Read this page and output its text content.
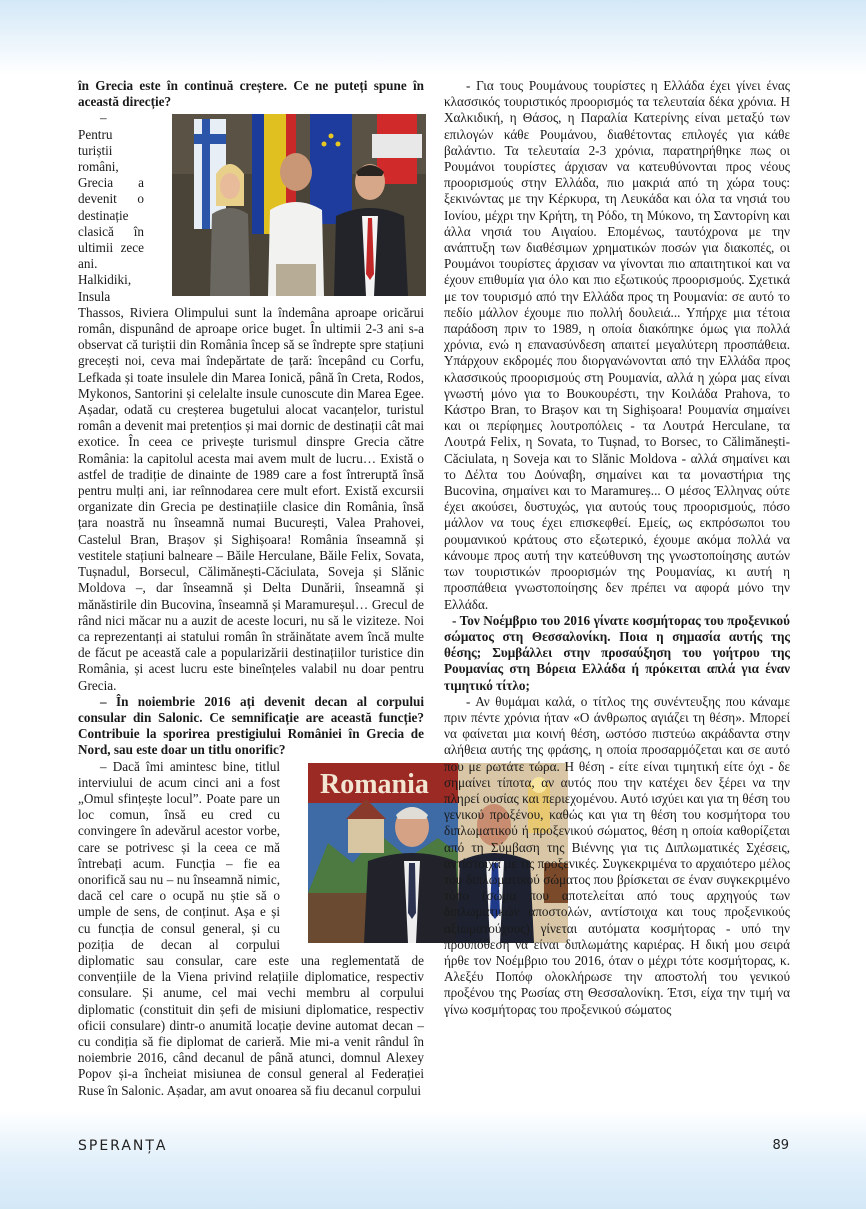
în Grecia este în continuă creștere. Ce ne puteți spune în această direcție?

– Pentru turiștii români, Grecia a devenit o destinație clasică în ultimii zece ani. Halkidiki, Insula Thassos, Riviera Olimpului sunt la îndemâna aproape oricărui român, dispunând de aproape orice buget. În ultimii 2-3 ani s-a observat că turiștii din România încep să se îndrepte spre stațiuni grecești noi, ceva mai îndepărtate de țară: începând cu Corfu, Lefkada și toate insulele din Marea Ionică, până în Creta, Rodos, Mykonos, Santorini și celelalte insule cunoscute din Marea Egee. Așadar, odată cu creșterea bugetului alocat vacanțelor, turistul român a devenit mai pretențios și mai dornic de destinații cât mai exotice. În ceea ce privește turismul dinspre Grecia către România: la capitolul acesta mai avem mult de lucru… Există o astfel de tradiție de dinainte de 1989 care a fost întreruptă însă pentru mulți ani, iar reînnodarea cere mult efort. Există excursii organizate din Grecia pe destinațiile clasice din România, însă țara noastră nu înseamnă numai București, Valea Prahovei, Castelul Bran, Brașov și Sighișoara! România înseamnă și vestitele stațiuni balneare – Băile Herculane, Băile Felix, Sovata, Tușnadul, Borsecul, Călimănești-Căciulata, Soveja și Slănic Moldova –, dar înseamnă și Delta Dunării, înseamnă și mănăstirile din Bucovina, înseamnă și Maramureșul… Grecul de rând nici măcar nu a auzit de aceste locuri, nu să le viziteze. Noi ca reprezentanți ai statului român în străinătate avem încă multe de făcut pe această cale a popularizării destinațiilor turistice din România, și acest lucru este bineînțeles valabil nu doar pentru Grecia.

– În noiembrie 2016 ați devenit decan al corpului consular din Salonic. Ce semnificație are această funcție? Contribuie la sporirea prestigiului României în Grecia de Nord, sau este doar un titlu onorific?

Romania
– Dacă îmi amintesc bine, titlul interviului de acum cinci ani a fost „Omul sfințește locul”. Poate pare un loc comun, însă eu cred cu convingere în adevărul acestor vorbe, care se potrivesc și la ceea ce mă întrebați acum. Funcția – fie ea onorifică sau nu – nu înseamnă nimic, dacă cel care o ocupă nu știe să o umple de sens, de conținut. Așa e și cu funcția de consul general, și cu poziția de decan al corpului diplomatic sau consular, care este una reglementată de convențiile de la Viena privind relațiile diplomatice, respectiv consulare. Și anume, cel mai vechi membru al corpului diplomatic (constituit din șefi de misiuni diplomatice, respectiv oficii consulare) dintr-o anumită locație devine automat decan – cu condiția să fie diplomat de carieră. Mie mi-a venit rândul în noiembrie 2016, când decanul de până atunci, domnul Alexey Popov și-a încheiat misiunea de consul general al Federației Ruse în Salonic. Așadar, am avut onoarea să fiu decanul corpului

- Για τους Ρουμάνους τουρίστες η Ελλάδα έχει γίνει ένας κλασσικός τουριστικός προορισμός τα τελευταία δέκα χρόνια. Η Χαλκιδική, η Θάσος, η Παραλία Κατερίνης είναι μεταξύ των επιλογών κάθε Ρουμάνου, διαθέτοντας επιλογές για κάθε βαλάντιο. Τα τελευταία 2-3 χρόνια, παρατηρήθηκε πως οι Ρουμάνοι τουρίστες άρχισαν να κατευθύνονται προς νέους προορισμούς στην Ελλάδα, πιο μακριά από τη χώρα τους: ξεκινώντας με την Κέρκυρα, τη Λευκάδα και όλα τα νησιά του Ιονίου, μέχρι την Κρήτη, τη Ρόδο, τη Μύκονο, τη Σαντορίνη και άλλα νησιά του Αιγαίου. Επομένως, ταυτόχρονα με την ανάπτυξη των διαθέσιμων χρηματικών ποσών για διακοπές, οι Ρουμάνοι τουρίστες άρχισαν να γίνονται πιο απαιτητικοί και να έχουν επιθυμία για όλο και πιο εξωτικούς προορισμούς. Σχετικά με τον τουρισμό από την Ελλάδα προς τη Ρουμανία: σε αυτό το πεδίο μάλλον έχουμε πιο πολλή δουλειά... Υπήρχε μια τέτοια παράδοση πριν το 1989, η οποία διακόπηκε όμως για πολλά χρόνια, ενώ η επανασύνδεση απαιτεί μεγαλύτερη προσπάθεια. Υπάρχουν εκδρομές που διοργανώνονται από την Ελλάδα προς κλασσικούς προορισμούς στη Ρουμανία, αλλά η χώρα μας είναι γνωστή μόνο για το Βουκουρέστι, την Κοιλάδα Prahova, το Κάστρο Bran, το Brașov και τη Sighișoara! Ρουμανία σημαίνει και οι περίφημες λουτροπόλεις - τα Λουτρά Herculane, τα Λουτρά Felix, η Sovata, το Tușnad, το Borsec, το Călimănești-Căciulata, η Soveja και το Slănic Moldova - αλλά σημαίνει και το Δέλτα του Δούναβη, σημαίνει και τα μοναστήρια της Bucovina, σημαίνει και το Maramureș... Ο μέσος Έλληνας ούτε έχει ακούσει, δυστυχώς, για αυτούς τους προορισμούς, πόσο μάλλον να τους έχει επισκεφθεί. Εμείς, ως εκπρόσωποι του ρουμανικού κράτους στο εξωτερικό, έχουμε ακόμα πολλά να κάνουμε προς αυτή την κατεύθυνση της γνωστοποίησης αυτών των τουριστικών προορισμών της Ρουμανίας, κι αυτή η προσπάθεια γνωστοποίησης δεν πρέπει να αφορά μόνο την Ελλάδα.

- Τον Νοέμβριο του 2016 γίνατε κοσμήτορας του προξενικού σώματος στη Θεσσαλονίκη. Ποια η σημασία αυτής της θέσης; Συμβάλλει στην προσαύξηση του γοήτρου της Ρουμανίας στη Βόρεια Ελλάδα ή πρόκειται απλά για έναν τιμητικό τίτλο;

- Αν θυμάμαι καλά, ο τίτλος της συνέντευξης που κάναμε πριν πέντε χρόνια ήταν «Ο άνθρωπος αγιάζει τη θέση». Μπορεί να φαίνεται μια κοινή θέση, ωστόσο πιστεύω ακράδαντα στην αλήθεια αυτής της φράσης, η οποία προσαρμόζεται και σε αυτό που με ρωτάτε τώρα. Η θέση - είτε είναι τιμητική είτε όχι - δε σημαίνει τίποτα, αν αυτός που την κατέχει δεν ξέρει να την πληρεί ουσίας και περιεχομένου. Αυτό ισχύει και για τη θέση του γενικού προξένου, καθώς και για τη θέση του κοσμήτορα του διπλωματικού ή προξενικού σώματος, θέση η οποία καθορίζεται από τη Σύμβαση της Βιέννης για τις Διπλωματικές Σχέσεις, αντίστοιχα με τις προξενικές. Συγκεκριμένα το αρχαιότερο μέλος του διπλωματικού σώματος που βρίσκεται σε έναν συγκεκριμένο τόπο (σώμα που αποτελείται από τους αρχηγούς των διπλωματικών αποστολών, αντίστοιχα και τους προξενικούς αξιωματούχους) γίνεται αυτόματα κοσμήτορας - υπό την προϋπόθεση να είναι διπλωμάτης καριέρας. Η δική μου σειρά ήρθε τον Νοέμβριο του 2016, όταν ο μέχρι τότε κοσμήτορας, κ. Αλεξέυ Ποπόφ ολοκλήρωσε την αποστολή του γενικού προξένου της Ρωσίας στη Θεσσαλονίκη. Έτσι, είχα την τιμή να γίνω κοσμήτορας του προξενικού σώματος

SPERANȚA	89
